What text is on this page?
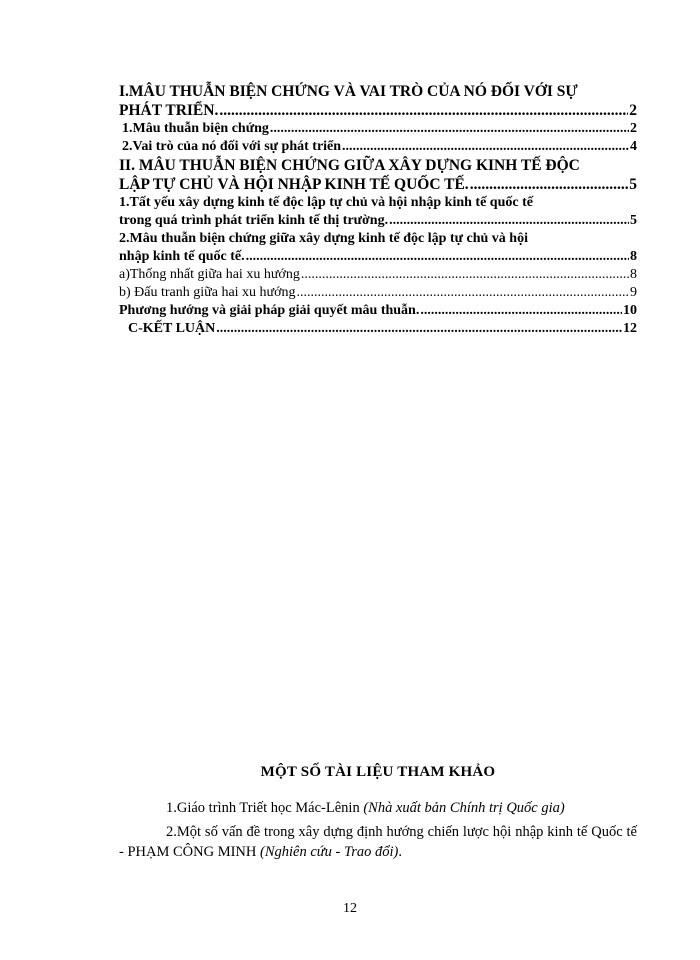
I.MÂU THUẪN BIỆN CHỨNG VÀ VAI TRÒ CỦA NÓ ĐỐI VỚI SỰ
PHÁT TRIỂN. .....	2
1.Mâu thuẫn biện chứng .....	2
2.Vai trò của nó đối với sự phát triển .....	4
II. MÂU THUẪN BIỆN CHỨNG GIỮA XÂY DỰNG KINH TẾ ĐỘC
LẬP TỰ CHỦ VÀ HỘI NHẬP KINH TẾ QUỐC TẾ. .....	5
1.Tất yếu xây dựng kinh tế độc lập tự chủ và hội nhập kinh tế quốc tế
trong quá trình phát triển kinh tế thị trường. .....	5
2.Mâu thuẫn biện chứng giữa xây dựng kinh tế độc lập tự chủ và hội
nhập kinh tế quốc tế. .....	8
a)Thống nhất giữa hai xu hướng .....	8
b) Đấu tranh giữa hai xu hướng .....	9
Phương hướng và giải pháp giải quyết mâu thuẫn. .....	10
C-KẾT LUẬN .....	12
MỘT SỐ TÀI LIỆU THAM KHẢO

1.Giáo trình Triết học Mác-Lênin (Nhà xuất bản Chính trị Quốc gia)

2.Một số vấn đề trong xây dựng định hướng chiến lược hội nhập kinh tế Quốc tế - PHẠM CÔNG MINH (Nghiên cứu - Trao đổi).

12
